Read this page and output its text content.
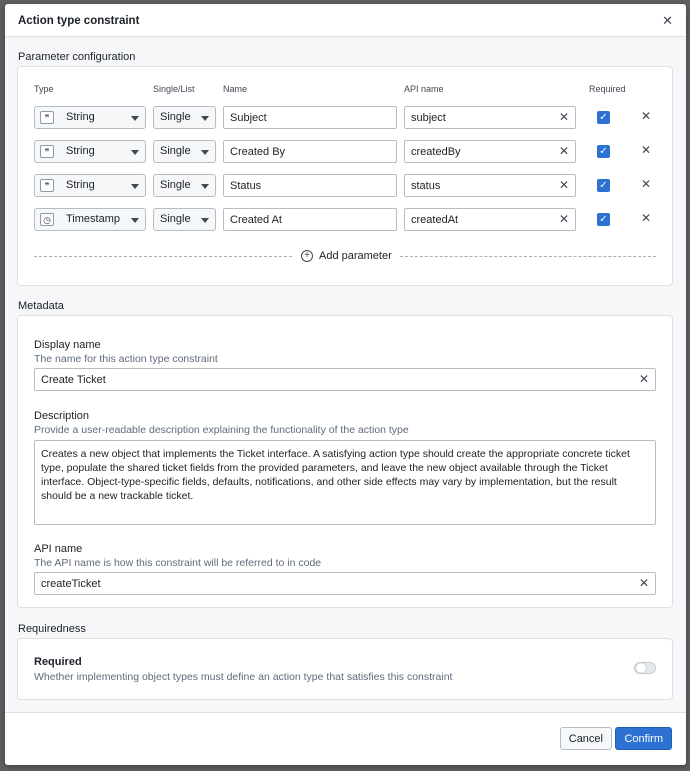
Action type constraint	✕
Parameter configuration
Type	Single/List	Name	API name	Required
❞	String	Single	Subject	subject	✕	✓	✕
❞	String	Single	Created By	createdBy	✕	✓	✕
❞	String	Single	Status	status	✕	✓	✕
◷ Timestamp	Single	Created At	createdAt	✕	✓	✕
+ Add parameter
Metadata
Display name
The name for this action type constraint
Create Ticket	✕
Description
Provide a user-readable description explaining the functionality of the action type
Creates a new object that implements the Ticket interface. A satisfying action type should create the appropriate concrete ticket type, populate the shared ticket fields from the provided parameters, and leave the new object available through the Ticket interface. Object-type-specific fields, defaults, notifications, and other side effects may vary by implementation, but the result should be a new trackable ticket.
API name
The API name is how this constraint will be referred to in code
createTicket	✕
Requiredness
Required
Whether implementing object types must define an action type that satisfies this constraint
Cancel	Confirm
